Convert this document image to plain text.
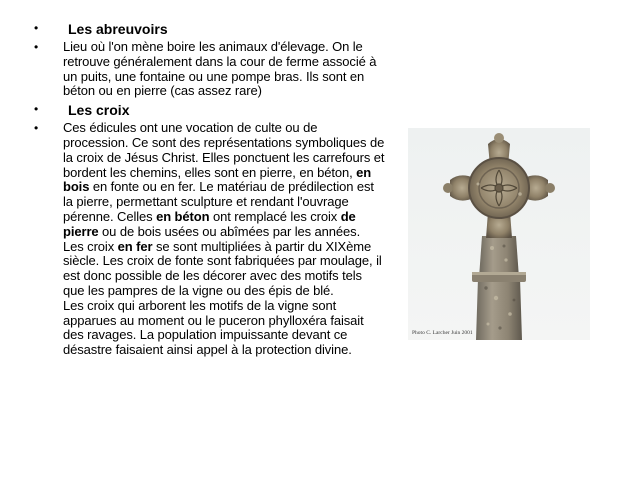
•	Les abreuvoirs
•	Lieu où l'on mène boire les animaux d'élevage. On le retrouve généralement dans la cour de ferme associé à un puits, une fontaine ou une pompe bras. Ils sont en béton ou en pierre (cas assez rare)
•	Les croix
•	Ces édicules ont une vocation de culte ou de procession. Ce sont des représentations symboliques de la croix de Jésus Christ. Elles ponctuent les carrefours et bordent les chemins, elles sont en pierre, en béton, en bois en fonte ou en fer. Le matériau de prédilection est la pierre, permettant sculpture et rendant l'ouvrage pérenne. Celles en béton ont remplacé les croix de pierre ou de bois usées ou abîmées par les années.
Les croix en fer se sont multipliées à partir du XIXème siècle. Les croix de fonte sont fabriquées par moulage, il est donc possible de les décorer avec des motifs tels que les pampres de la vigne ou des épis de blé.
Les croix qui arborent les motifs de la vigne sont apparues au moment ou le puceron phylloxéra faisait des ravages. La population impuissante devant ce désastre faisaient ainsi appel à la protection divine.
Photo C. Larcher Juin 2001
